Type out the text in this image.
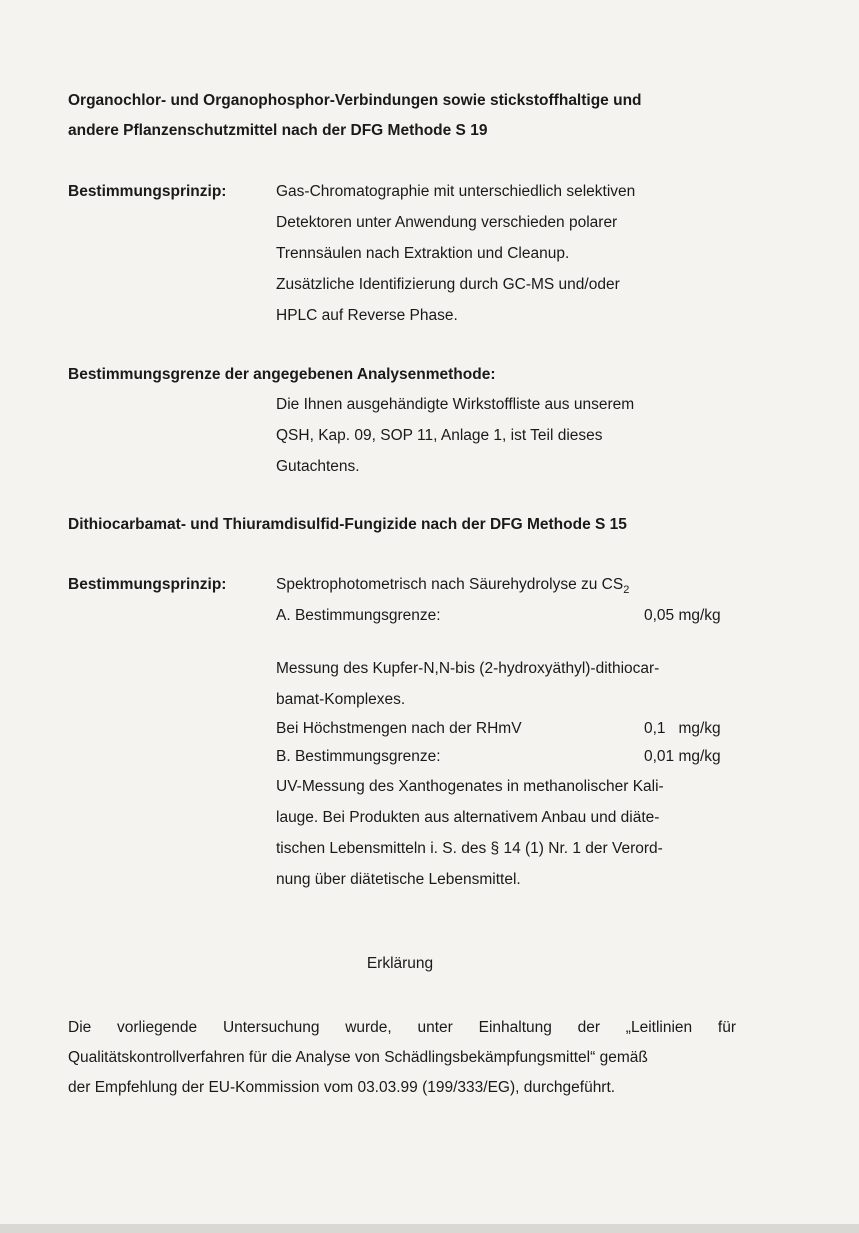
Organochlor- und Organophosphor-Verbindungen sowie stickstoffhaltige und
andere Pflanzenschutzmittel nach der DFG Methode S 19
Bestimmungsprinzip:	Gas-Chromatographie mit unterschiedlich selektiven
Detektoren unter Anwendung verschieden polarer
Trennsäulen nach Extraktion und Cleanup.
Zusätzliche Identifizierung durch GC-MS und/oder
HPLC auf Reverse Phase.
Bestimmungsgrenze der angegebenen Analysenmethode:
Die Ihnen ausgehändigte Wirkstoffliste aus unserem
QSH, Kap. 09, SOP 11, Anlage 1, ist Teil dieses
Gutachtens.
Dithiocarbamat- und Thiuramdisulfid-Fungizide nach der DFG Methode S 15
Bestimmungsprinzip:	Spektrophotometrisch nach Säurehydrolyse zu $CS_2$
A. Bestimmungsgrenze:	0,05 mg/kg
Messung des Kupfer-N,N-bis (2-hydroxyäthyl)-dithiocar-
bamat-Komplexes.
Bei Höchstmengen nach der RHmV	0,1   mg/kg
B. Bestimmungsgrenze:	0,01 mg/kg
UV-Messung des Xanthogenates in methanolischer Kali-
lauge. Bei Produkten aus alternativem Anbau und diäte-
tischen Lebensmitteln i. S. des § 14 (1) Nr. 1 der Verord-
nung über diätetische Lebensmittel.
Erklärung
Die vorliegende Untersuchung wurde, unter Einhaltung der „Leitlinien für
Qualitätskontrollverfahren für die Analyse von Schädlingsbekämpfungsmittel“ gemäß
der Empfehlung der EU-Kommission vom 03.03.99 (199/333/EG), durchgeführt.
